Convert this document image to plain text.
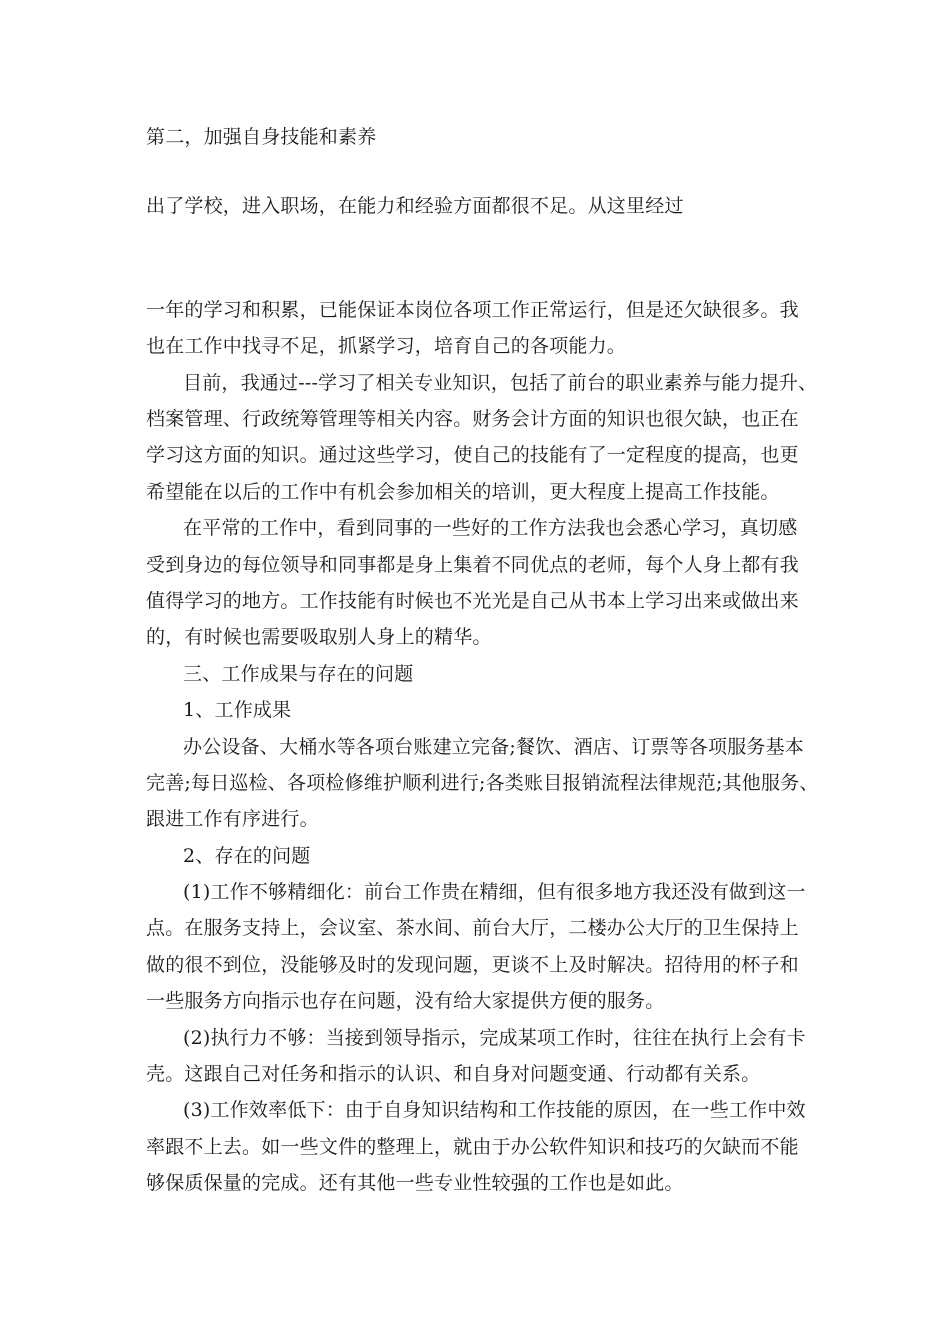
第二，加强自身技能和素养
出了学校，进入职场，在能力和经验方面都很不足。从这里经过
一年的学习和积累，已能保证本岗位各项工作正常运行，但是还欠缺很多。我
也在工作中找寻不足，抓紧学习，培育自己的各项能力。
目前，我通过---学习了相关专业知识，包括了前台的职业素养与能力提升、
档案管理、行政统筹管理等相关内容。财务会计方面的知识也很欠缺，也正在
学习这方面的知识。通过这些学习，使自己的技能有了一定程度的提高，也更
希望能在以后的工作中有机会参加相关的培训，更大程度上提高工作技能。
在平常的工作中，看到同事的一些好的工作方法我也会悉心学习，真切感
受到身边的每位领导和同事都是身上集着不同优点的老师，每个人身上都有我
值得学习的地方。工作技能有时候也不光光是自己从书本上学习出来或做出来
的，有时候也需要吸取别人身上的精华。
三、工作成果与存在的问题
1、工作成果
办公设备、大桶水等各项台账建立完备;餐饮、酒店、订票等各项服务基本
完善;每日巡检、各项检修维护顺利进行;各类账目报销流程法律规范;其他服务、
跟进工作有序进行。
2、存在的问题
(1)工作不够精细化：前台工作贵在精细，但有很多地方我还没有做到这一
点。在服务支持上，会议室、茶水间、前台大厅，二楼办公大厅的卫生保持上
做的很不到位，没能够及时的发现问题，更谈不上及时解决。招待用的杯子和
一些服务方向指示也存在问题，没有给大家提供方便的服务。
(2)执行力不够：当接到领导指示，完成某项工作时，往往在执行上会有卡
壳。这跟自己对任务和指示的认识、和自身对问题变通、行动都有关系。
(3)工作效率低下：由于自身知识结构和工作技能的原因，在一些工作中效
率跟不上去。如一些文件的整理上，就由于办公软件知识和技巧的欠缺而不能
够保质保量的完成。还有其他一些专业性较强的工作也是如此。
